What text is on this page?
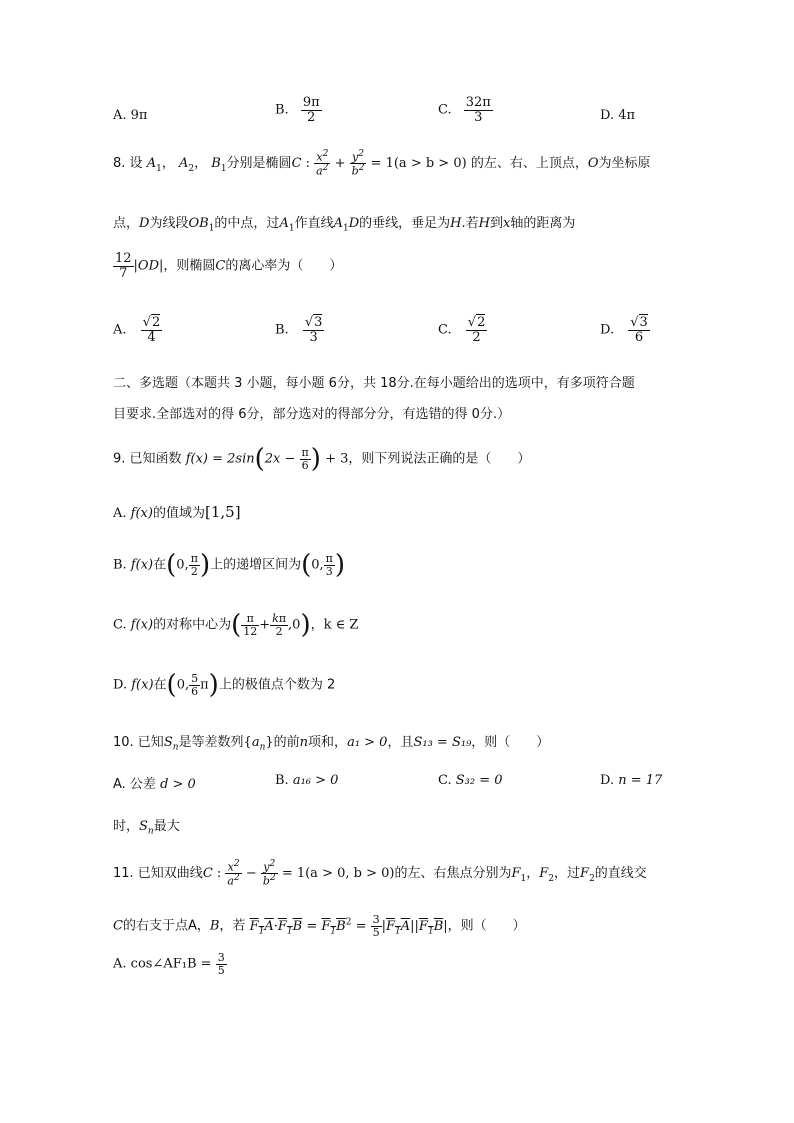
A. 9π	B. $\frac{9\pi}{2}$	C. $\frac{32\pi}{3}$	D. 4π
8. 设 $A_1$， $A_2$， $B_1$分别是椭圆C : $\frac{x^2}{a^2} + \frac{y^2}{b^2} = 1(a > b > 0)$ 的左、右、上顶点，O为坐标原
点，D为线段$OB_1$的中点，过$A_1$作直线$A_1D$的垂线，垂足为H.若H到x轴的距离为
$\frac{12}{7} |OD|$，则椭圆C的离心率为（　　）
A. $\frac{√2}{4}$	B. $\frac{√3}{3}$	C. $\frac{√2}{2}$	D. $\frac{√3}{6}$
二、多选题（本题共 3 小题，每小题 6分，共 18分.在每小题给出的选项中，有多项符合题
目要求.全部选对的得 6分，部分选对的得部分分，有选错的得 0分.）
9. 已知函数 $f(x) = 2\sin(2x - \frac{\pi}{6}$ ) + 3，则下列说法正确的是（　　）
A. f(x)的值域为[1,5]
B. f(x)在(0, $\frac{\pi}{2}$ )上的递增区间为(0, $\frac{\pi}{3}$ )
C. f(x)的对称中心为( $\frac{\pi}{12} + \frac{k\pi}{2} ,0$)，k ∈ Z
D. f(x)在(0, $\frac{5}{6} \pi$)上的极值点个数为 2
10. 已知$S_n$是等差数列$\{a_n\}$的前n项和，a₁ > 0，且S₁₃ = S₁₉，则（　　）
A. 公差 d > 0	B. a₁₆ > 0	C. S₃₂ = 0	D. n = 17
时，$S_n$最大
11. 已知双曲线C : $\frac{x^2}{a^2} - \frac{y^2}{b^2} = 1(a > 0$, b > 0)的左、右焦点分别为$F_1$，$F_2$，过$F_2$的直线交
C的右支于点A，B，若 $F_1A\cdot F_1B = F_1B^2 = \frac{3}{5} |F_1A||F_1B|$，则（　　）
A. cos∠AF₁B = $\frac{3}{5}$
